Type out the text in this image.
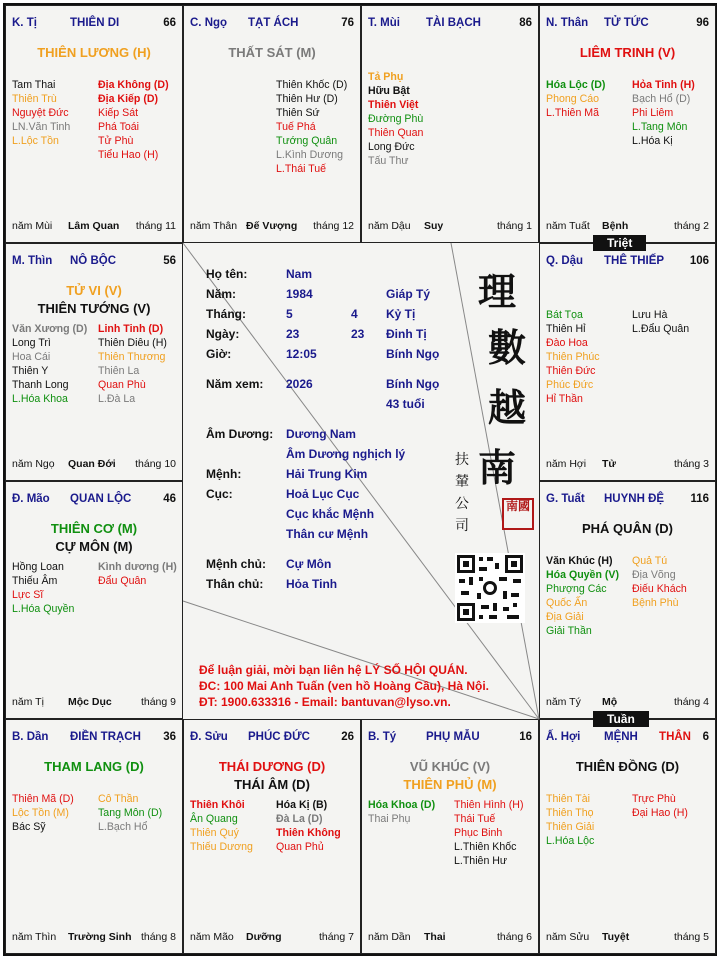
K. Tị	THIÊN DI	66
THIÊN LƯƠNG (H)
Tam Thai
Thiên Trù
Nguyệt Đức
LN.Văn Tinh
L.Lộc Tồn
Địa Không (D)
Địa Kiếp (D)
Kiếp Sát
Phá Toái
Tử Phù
Tiểu Hao (H)
năm Mùi Lâm Quan tháng 11
C. Ngọ TẠT ÁCH	76
THẤT SÁT (M)
Thiên Khốc (D)
Thiên Hư (D)
Thiên Sứ
Tuế Phá
Tướng Quân
L.Kình Dương
L.Thái Tuế
năm Thân Đế Vượng tháng 12
T. Mùi TÀI BẠCH	86
Tả Phụ
Hữu Bật
Thiên Việt
Đường Phù
Thiên Quan
Long Đức
Tấu Thư
năm Dậu Suy	tháng 1
N. Thân TỬ TỨC	96
LIÊM TRINH (V)
Hóa Lộc (D)
Phong Cáo
L.Thiên Mã
Hỏa Tinh (H)
Bạch Hổ (D)
Phi Liêm
L.Tang Môn
L.Hóa Kị
năm Tuất Bệnh	tháng 2
M. Thìn NÔ BỘC	56
TỬ VI (V)
THIÊN TƯỚNG (V)
Văn Xương (D)
Long Trì
Hoa Cái
Thiên Y
Thanh Long
L.Hóa Khoa
Linh Tinh (D)
Thiên Diêu (H)
Thiên Thương
Thiên La
Quan Phù
L.Đà La
năm Ngọ Quan Đới tháng 10
Q. Dậu THÊ THIẾP 106
Bát Tọa
Thiên Hỉ
Đào Hoa
Thiên Phúc
Thiên Đức
Phúc Đức
Hỉ Thần
Lưu Hà
L.Đẩu Quân
năm Hợi Tử	tháng 3
Đ. Mão QUAN LỘC	46
THIÊN CƠ (M)
CỰ MÔN (M)
Hồng Loan
Thiếu Âm
Lực Sĩ
L.Hóa Quyền
Kình dương (H)
Đẩu Quân
năm Tị Mộc Dục	tháng 9
G. Tuất HUYNH ĐỆ 116
PHÁ QUÂN (D)
Văn Khúc (H)
Hóa Quyền (V)
Phượng Các
Quốc Ấn
Địa Giải
Giải Thần
Quả Tú
Địa Võng
Điếu Khách
Bệnh Phù
năm Tý Mộ	tháng 4
B. Dần ĐIỀN TRẠCH 36
THAM LANG (D)
Thiên Mã (D)
Lộc Tồn (M)
Bác Sỹ
Cô Thần
Tang Môn (D)
L.Bạch Hổ
năm Thìn Trường Sinh tháng 8
Đ. Sửu PHÚC ĐỨC	26
THÁI DƯƠNG (D)
THÁI ÂM (D)
Thiên Khôi
Ân Quang
Thiên Quý
Thiếu Dương
Hóa Kị (B)
Đà La (D)
Thiên Không
Quan Phủ
năm Mão Dưỡng	tháng 7
B. Tý	PHỤ MẪU	16
VŨ KHÚC (V)
THIÊN PHỦ (M)
Hóa Khoa (D)
Thai Phụ
Thiên Hình (H)
Thái Tuế
Phục Binh
L.Thiên Khốc
L.Thiên Hư
năm Dần Thai	tháng 6
Ấ. Hợi MỆNH THÂN 6
THIÊN ĐỒNG (D)
Thiên Tài
Thiên Thọ
Thiên Giải
L.Hóa Lộc
Trực Phù
Đại Hao (H)
năm Sửu Tuyệt	tháng 5
Triệt
Tuần
Họ tên:	Nam
Năm:	1984	Giáp Tý
Tháng:	5	4 Kỷ Tị
Ngày:	23	23 Đinh Tị
Giờ:	12:05	Bính Ngọ
Năm xem: 2026	Bính Ngọ
43 tuổi
Âm Dương: Dương Nam
Âm Dương nghịch lý
Mệnh:	Hải Trung Kim
Cục:	Hoả Lục Cục
Cục khắc Mệnh
Thân cư Mệnh
Mệnh chủ: Cự Môn
Thân chủ: Hỏa Tinh
理
數
越
南
扶
輦
公
司
南國
Để luận giải, mời bạn liên hệ LÝ SỐ HỘI QUÁN.
ĐC: 100 Mai Anh Tuấn (ven hồ Hoàng Cầu), Hà Nội.
ĐT: 1900.633316 - Email: bantuvan@lyso.vn.
